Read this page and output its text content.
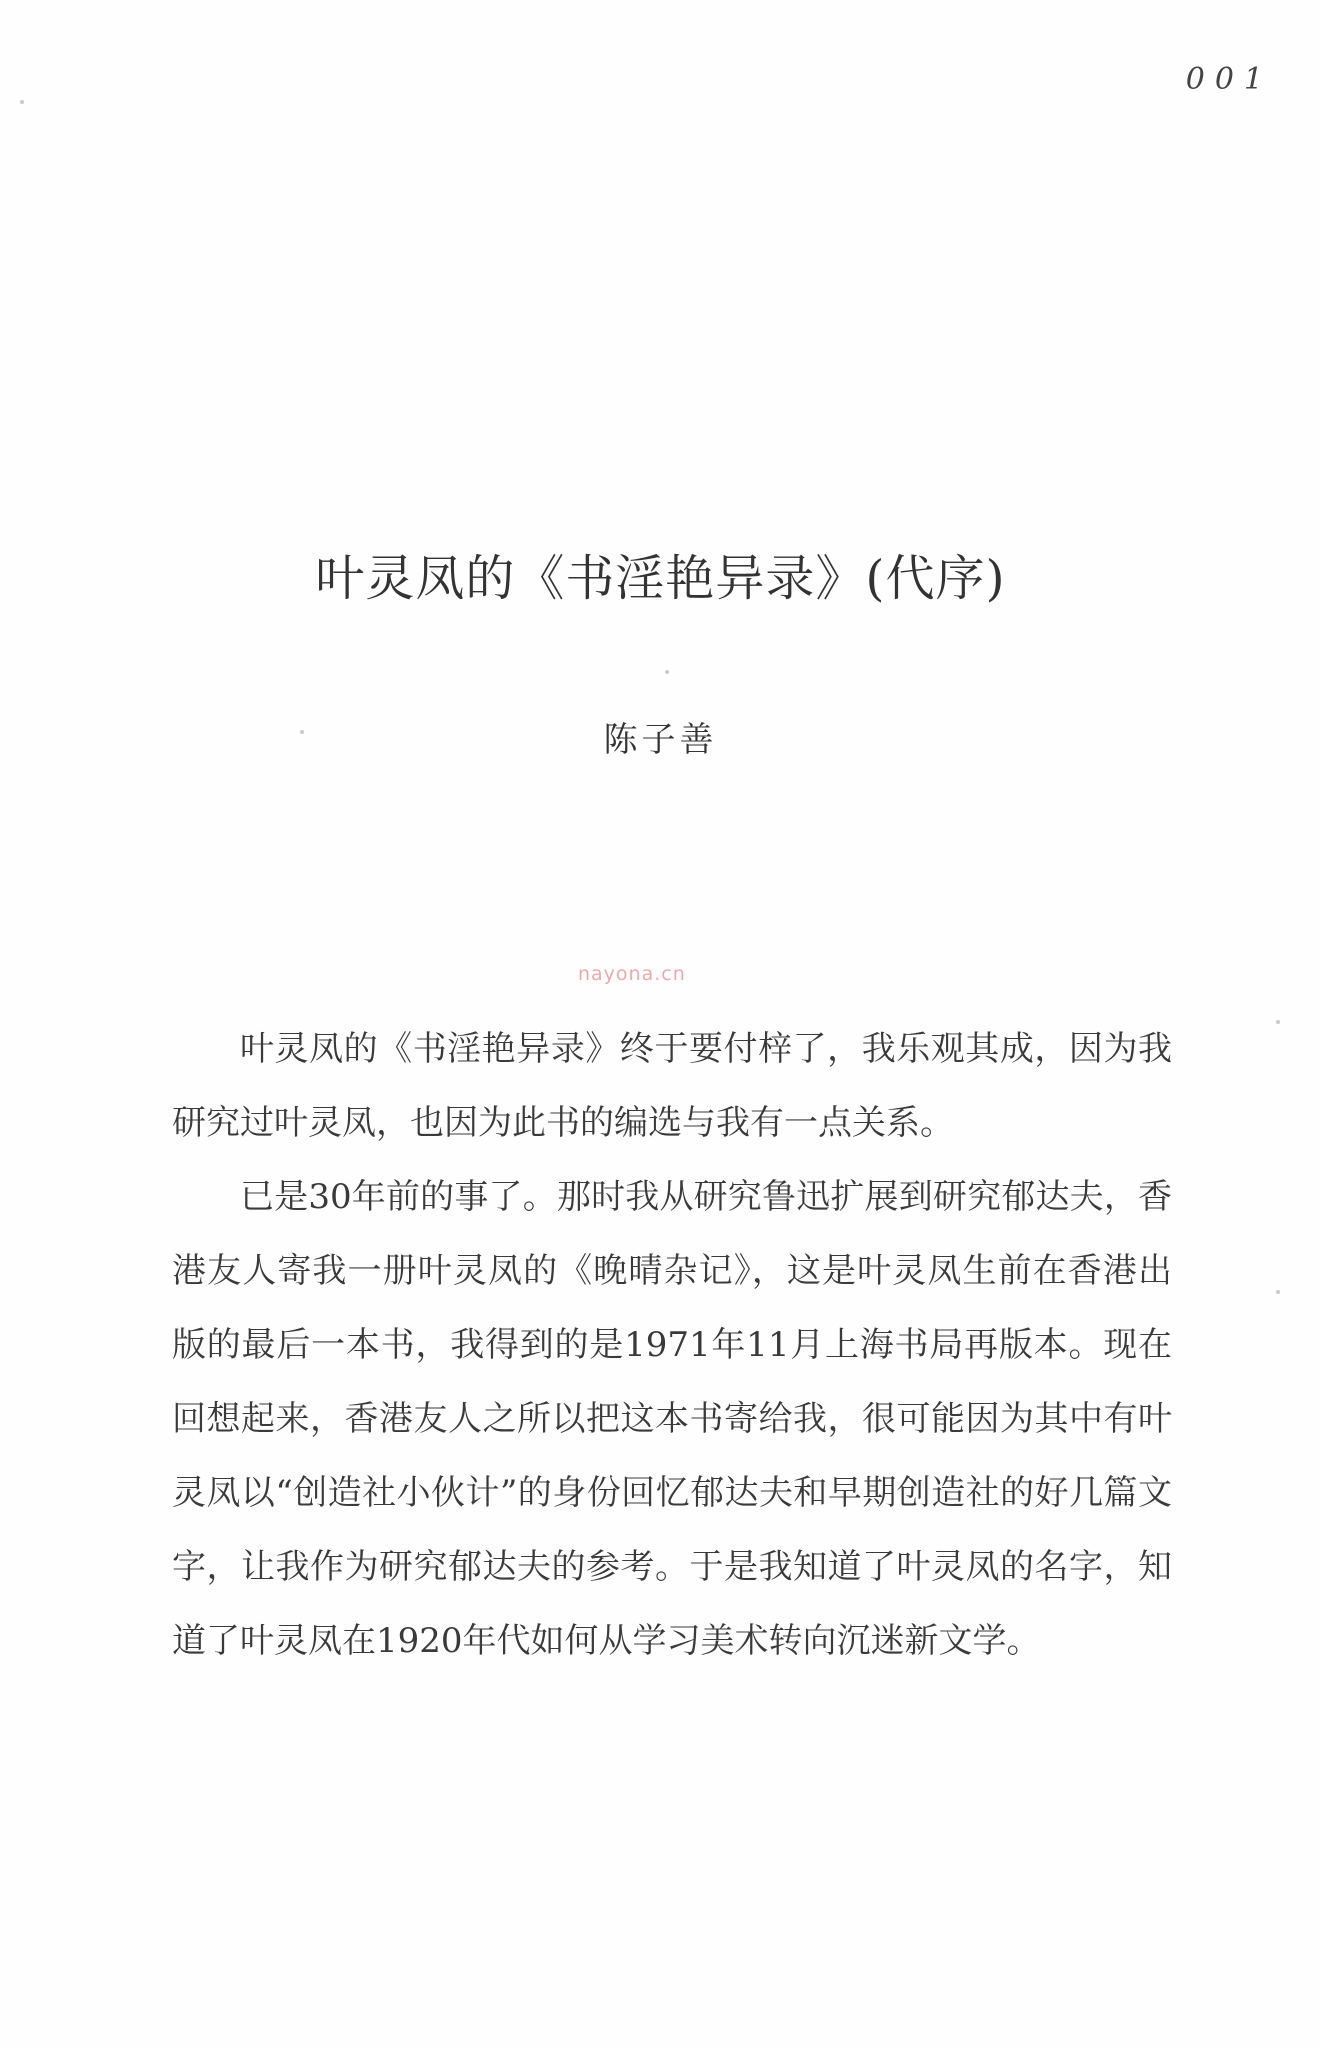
001
叶灵凤的《书淫艳异录》(代序)
陈子善
nayona.cn

叶灵凤的《书淫艳异录》终于要付梓了，我乐观其成，因为我研究过叶灵凤，也因为此书的编选与我有一点关系。

已是30年前的事了。那时我从研究鲁迅扩展到研究郁达夫，香港友人寄我一册叶灵凤的《晚晴杂记》，这是叶灵凤生前在香港出版的最后一本书，我得到的是1971年11月上海书局再版本。现在回想起来，香港友人之所以把这本书寄给我，很可能因为其中有叶灵凤以“创造社小伙计”的身份回忆郁达夫和早期创造社的好几篇文字，让我作为研究郁达夫的参考。于是我知道了叶灵凤的名字，知道了叶灵凤在1920年代如何从学习美术转向沉迷新文学。
